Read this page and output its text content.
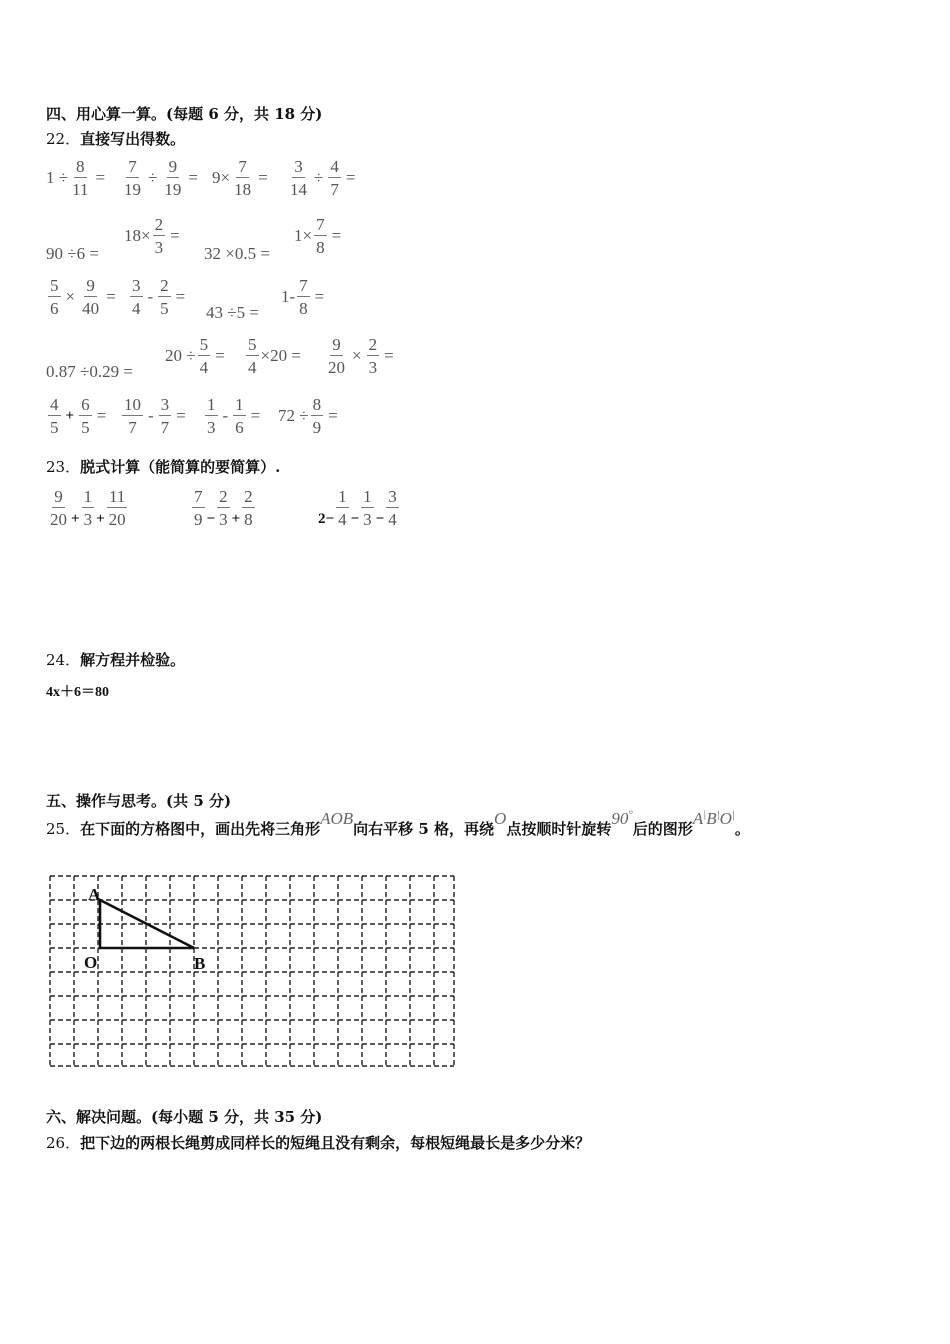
四、用心算一算。(每题 6 分，共 18 分)
22．直接写出得数。
$1 \div \frac{8}{11} = \frac{7}{19} \div \frac{9}{19} = 9\times \frac{7}{18} = \frac{3}{14} \div \frac{4}{7}$ =
90 ÷6 =
$18\times \frac{2}{3}$ =
32 ×0.5 =
$1\times \frac{7}{8}$ =
$\frac{5}{6} \times \frac{9}{40} = \frac{3}{4} - \frac{2}{5}$ =
43 ÷5 =
$1- \frac{7}{8}$ =
0.87 ÷0.29 =
$20 \div \frac{5}{4} = \frac{5}{4} \times 20 = \frac{9}{20} \times \frac{2}{3}$ =
$\frac{4}{5} + \frac{6}{5} = \frac{10}{7} - \frac{3}{7} = \frac{1}{3} - \frac{1}{6} = 72 \div \frac{8}{9}$ =
23．脱式计算（能简算的要简算）.
$\frac{9}{20} + \frac{1}{3} + \frac{11}{20}$	$\frac{7}{9} - \frac{2}{3} + \frac{2}{8}$	$2- \frac{1}{4} - \frac{1}{3} - \frac{3}{4}$
24．解方程并检验。
4x＋6＝80
五、操作与思考。(共 5 分)
25．在下面的方格图中，画出先将三角形AOB向右平移 5 格，再绕O点按顺时针旋转90°后的图形A|B|O|。
A
O	B
六、解决问题。(每小题 5 分，共 35 分)
26．把下边的两根长绳剪成同样长的短绳且没有剩余，每根短绳最长是多少分米？
